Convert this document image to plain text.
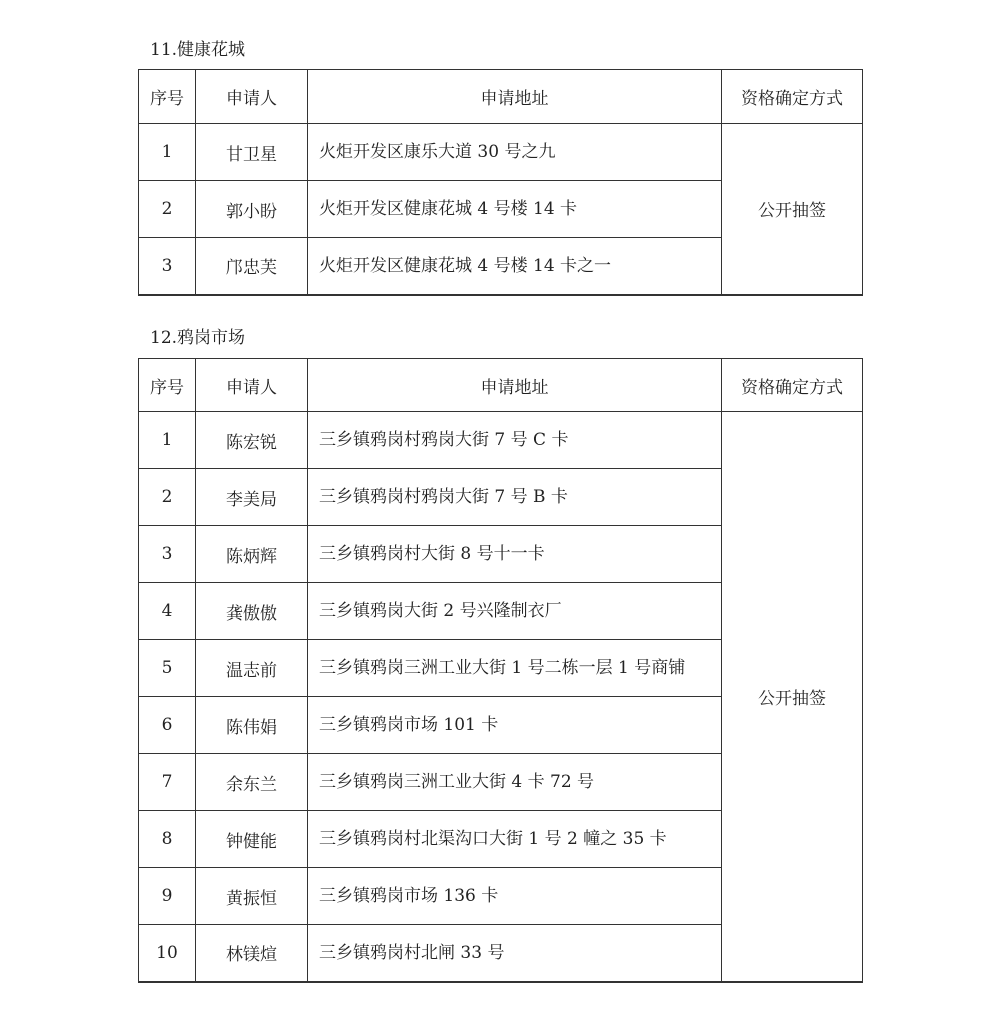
11.健康花城
序号	申请人	申请地址	资格确定方式
1	甘卫星	火炬开发区康乐大道 30 号之九	公开抽签
2	郭小盼	火炬开发区健康花城 4 号楼 14 卡	
3	邝忠芙	火炬开发区健康花城 4 号楼 14 卡之一	
12.鸦岗市场
序号	申请人	申请地址	资格确定方式
1	陈宏锐	三乡镇鸦岗村鸦岗大街 7 号 C 卡	公开抽签
2	李美局	三乡镇鸦岗村鸦岗大街 7 号 B 卡	
3	陈炳辉	三乡镇鸦岗村大街 8 号十一卡	
4	龚傲傲	三乡镇鸦岗大街 2 号兴隆制衣厂	
5	温志前	三乡镇鸦岗三洲工业大街 1 号二栋一层 1 号商铺	
6	陈伟娟	三乡镇鸦岗市场 101 卡	
7	余东兰	三乡镇鸦岗三洲工业大街 4 卡 72 号	
8	钟健能	三乡镇鸦岗村北渠沟口大街 1 号 2 幢之 35 卡	
9	黄振恒	三乡镇鸦岗市场 136 卡	
10	林镁煊	三乡镇鸦岗村北闸 33 号	
